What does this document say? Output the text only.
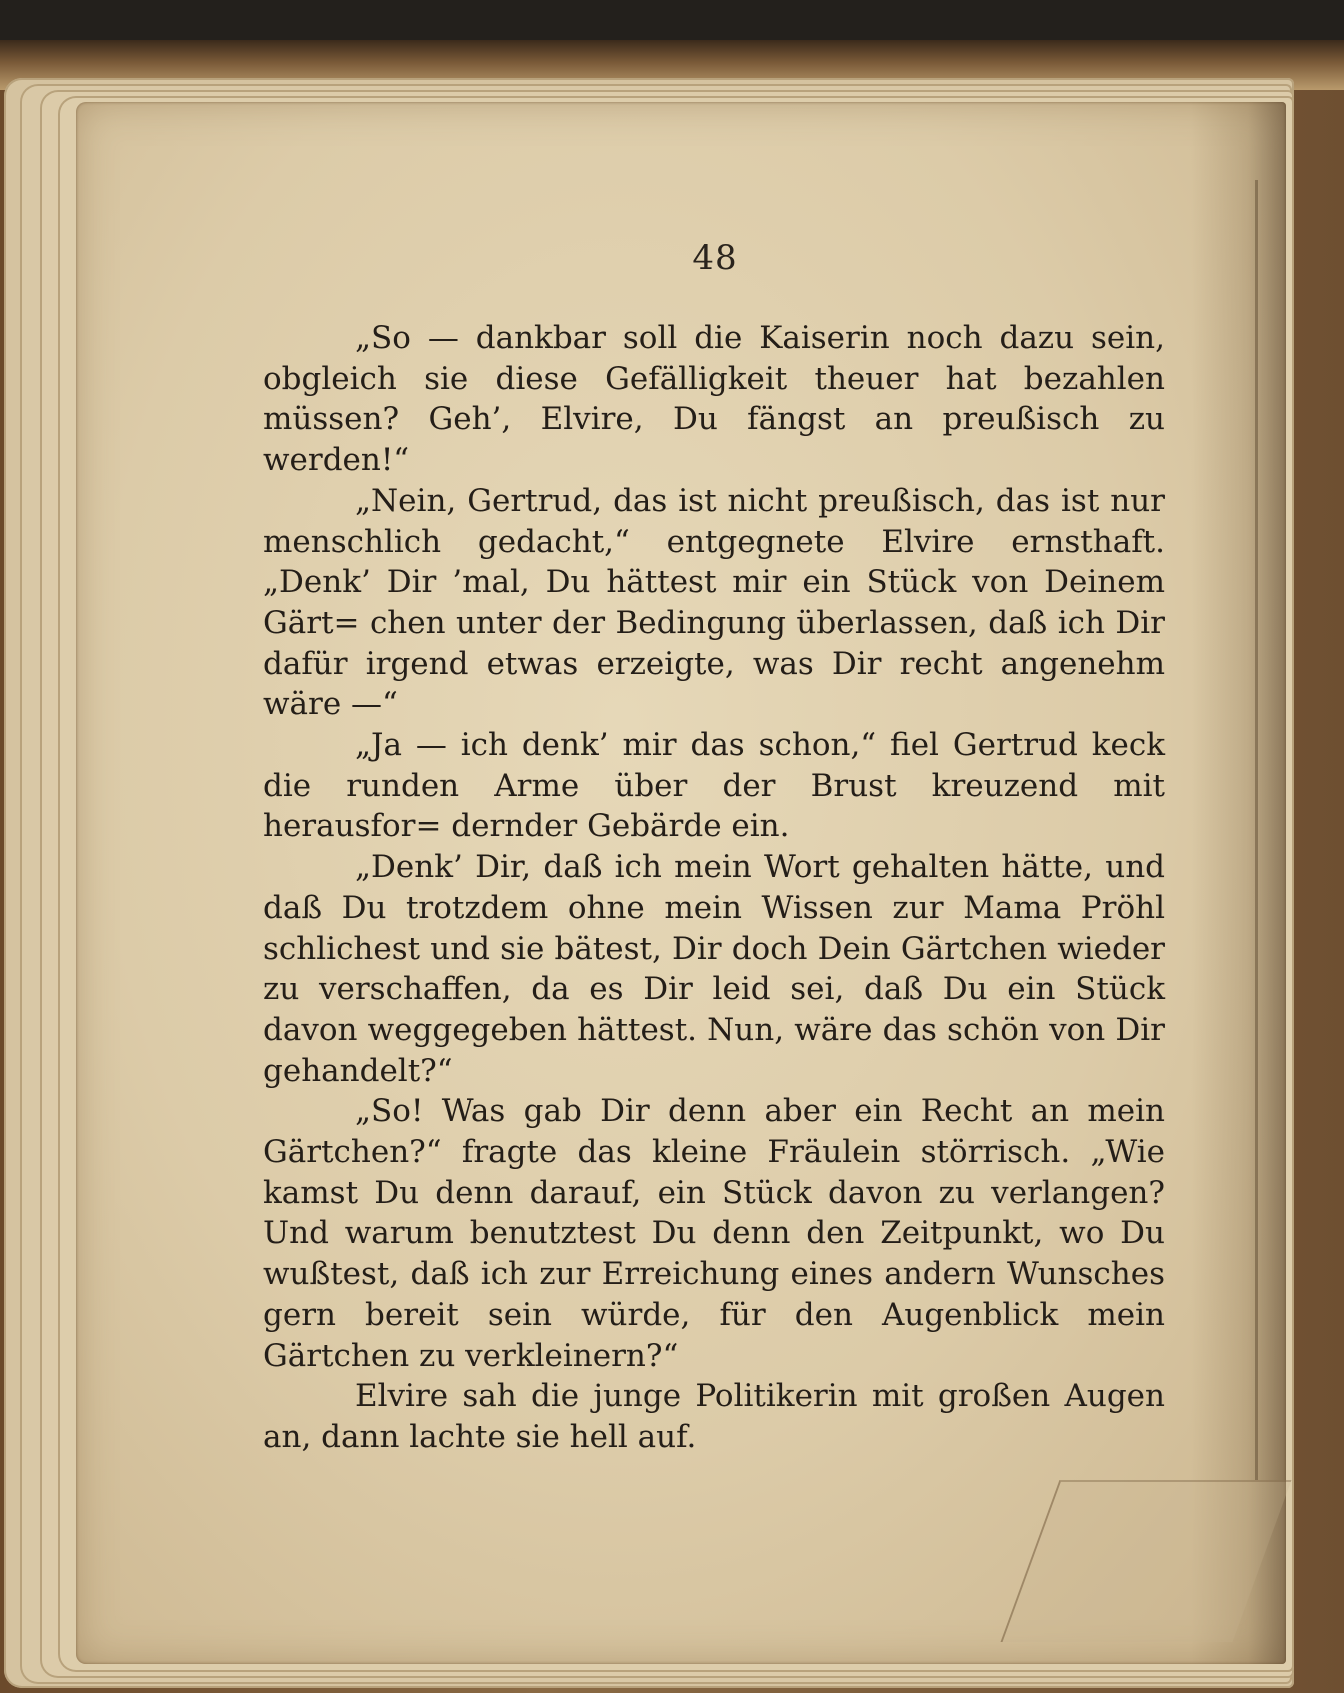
48

„So — dankbar soll die Kaiserin noch dazu sein, obgleich sie diese Gefälligkeit theuer hat bezahlen müssen? Geh’, Elvire, Du fängst an preußisch zu werden!“

„Nein, Gertrud, das ist nicht preußisch, das ist nur menschlich gedacht,“ entgegnete Elvire ernsthaft. „Denk’ Dir ’mal, Du hättest mir ein Stück von Deinem Gärt= chen unter der Bedingung überlassen, daß ich Dir dafür irgend etwas erzeigte, was Dir recht angenehm wäre —“

„Ja — ich denk’ mir das schon,“ fiel Gertrud keck die runden Arme über der Brust kreuzend mit herausfor= dernder Gebärde ein.

„Denk’ Dir, daß ich mein Wort gehalten hätte, und daß Du trotzdem ohne mein Wissen zur Mama Pröhl schlichest und sie bätest, Dir doch Dein Gärtchen wieder zu verschaffen, da es Dir leid sei, daß Du ein Stück davon weggegeben hättest. Nun, wäre das schön von Dir gehandelt?“

„So! Was gab Dir denn aber ein Recht an mein Gärtchen?“ fragte das kleine Fräulein störrisch. „Wie kamst Du denn darauf, ein Stück davon zu verlangen? Und warum benutztest Du denn den Zeitpunkt, wo Du wußtest, daß ich zur Erreichung eines andern Wunsches gern bereit sein würde, für den Augenblick mein Gärtchen zu verkleinern?“

Elvire sah die junge Politikerin mit großen Augen an, dann lachte sie hell auf.
